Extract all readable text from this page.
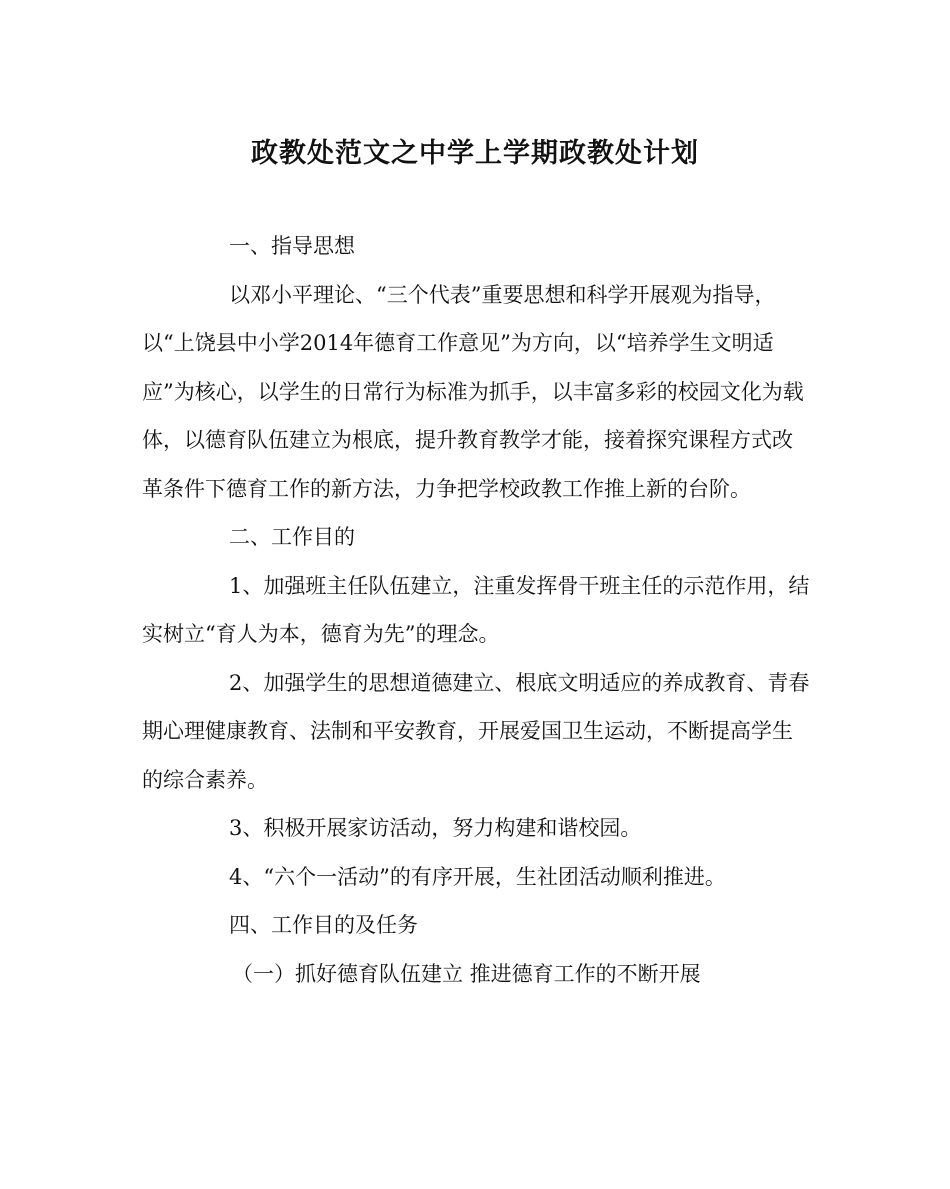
政教处范文之中学上学期政教处计划

一、指导思想

以邓小平理论、“三个代表”重要思想和科学开展观为指导，以“上饶县中小学2014年德育工作意见”为方向，以“培养学生文明适应”为核心，以学生的日常行为标准为抓手，以丰富多彩的校园文化为载体，以德育队伍建立为根底，提升教育教学才能，接着探究课程方式改革条件下德育工作的新方法，力争把学校政教工作推上新的台阶。

二、工作目的

1、加强班主任队伍建立，注重发挥骨干班主任的示范作用，结实树立“育人为本，德育为先”的理念。

2、加强学生的思想道德建立、根底文明适应的养成教育、青春期心理健康教育、法制和平安教育，开展爱国卫生运动，不断提高学生的综合素养。

3、积极开展家访活动，努力构建和谐校园。

4、“六个一活动”的有序开展，生社团活动顺利推进。

四、工作目的及任务

（一）抓好德育队伍建立 推进德育工作的不断开展
